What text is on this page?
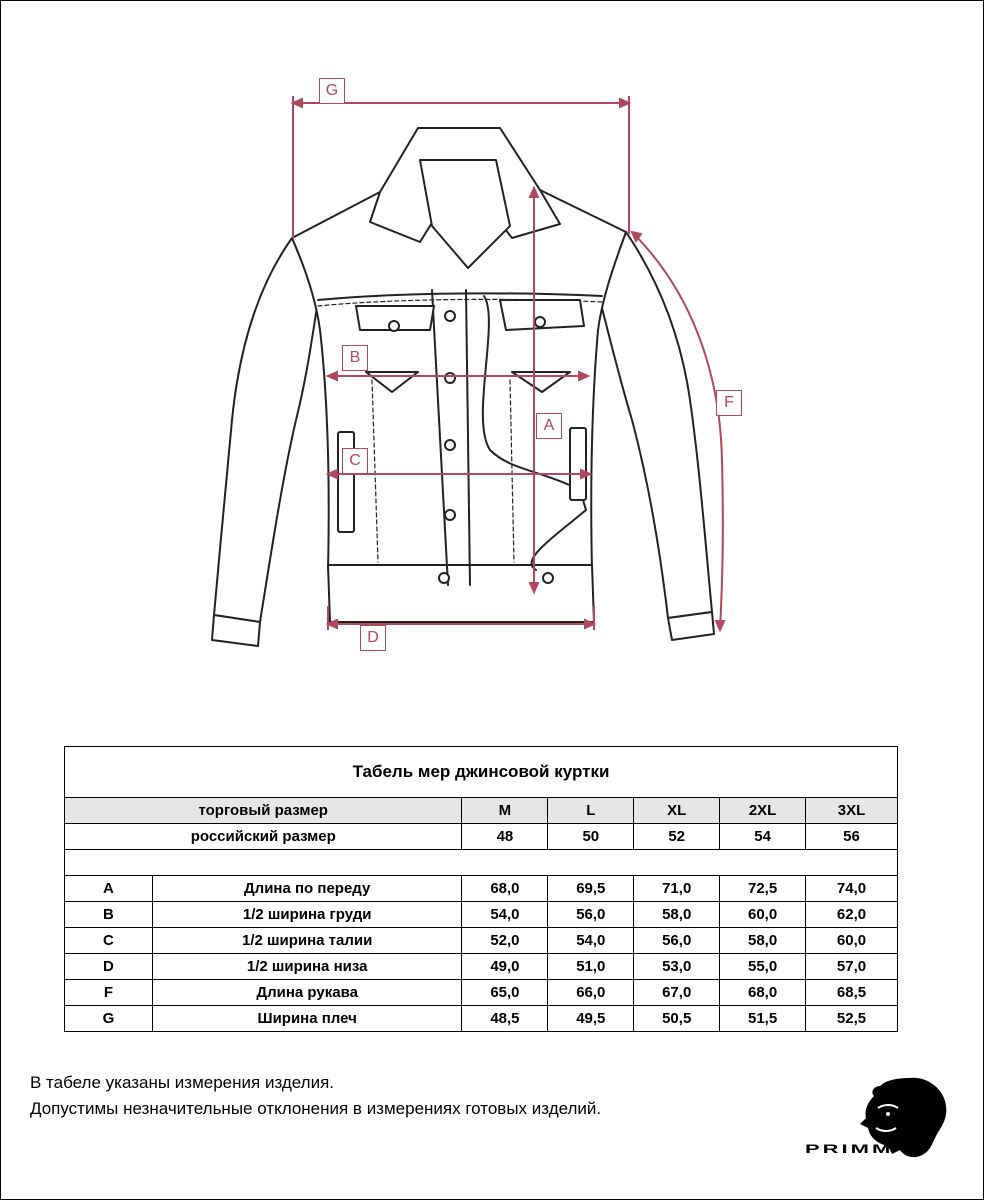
G
B
C
D
A
F
Табель мер джинсовой куртки						
торговый размер		M	L	XL	2XL	3XL
российский размер		48	50	52	54	56

A	Длина по переду	68,0	69,5	71,0	72,5	74,0
B	1/2 ширина груди	54,0	56,0	58,0	60,0	62,0
C	1/2 ширина талии	52,0	54,0	56,0	58,0	60,0
D	1/2 ширина низа	49,0	51,0	53,0	55,0	57,0
F	Длина рукава	65,0	66,0	67,0	68,0	68,5
G	Ширина плеч	48,5	49,5	50,5	51,5	52,5
В табеле указаны измерения изделия.
Допустимы незначительные отклонения в измерениях готовых изделий.
PRIMM
